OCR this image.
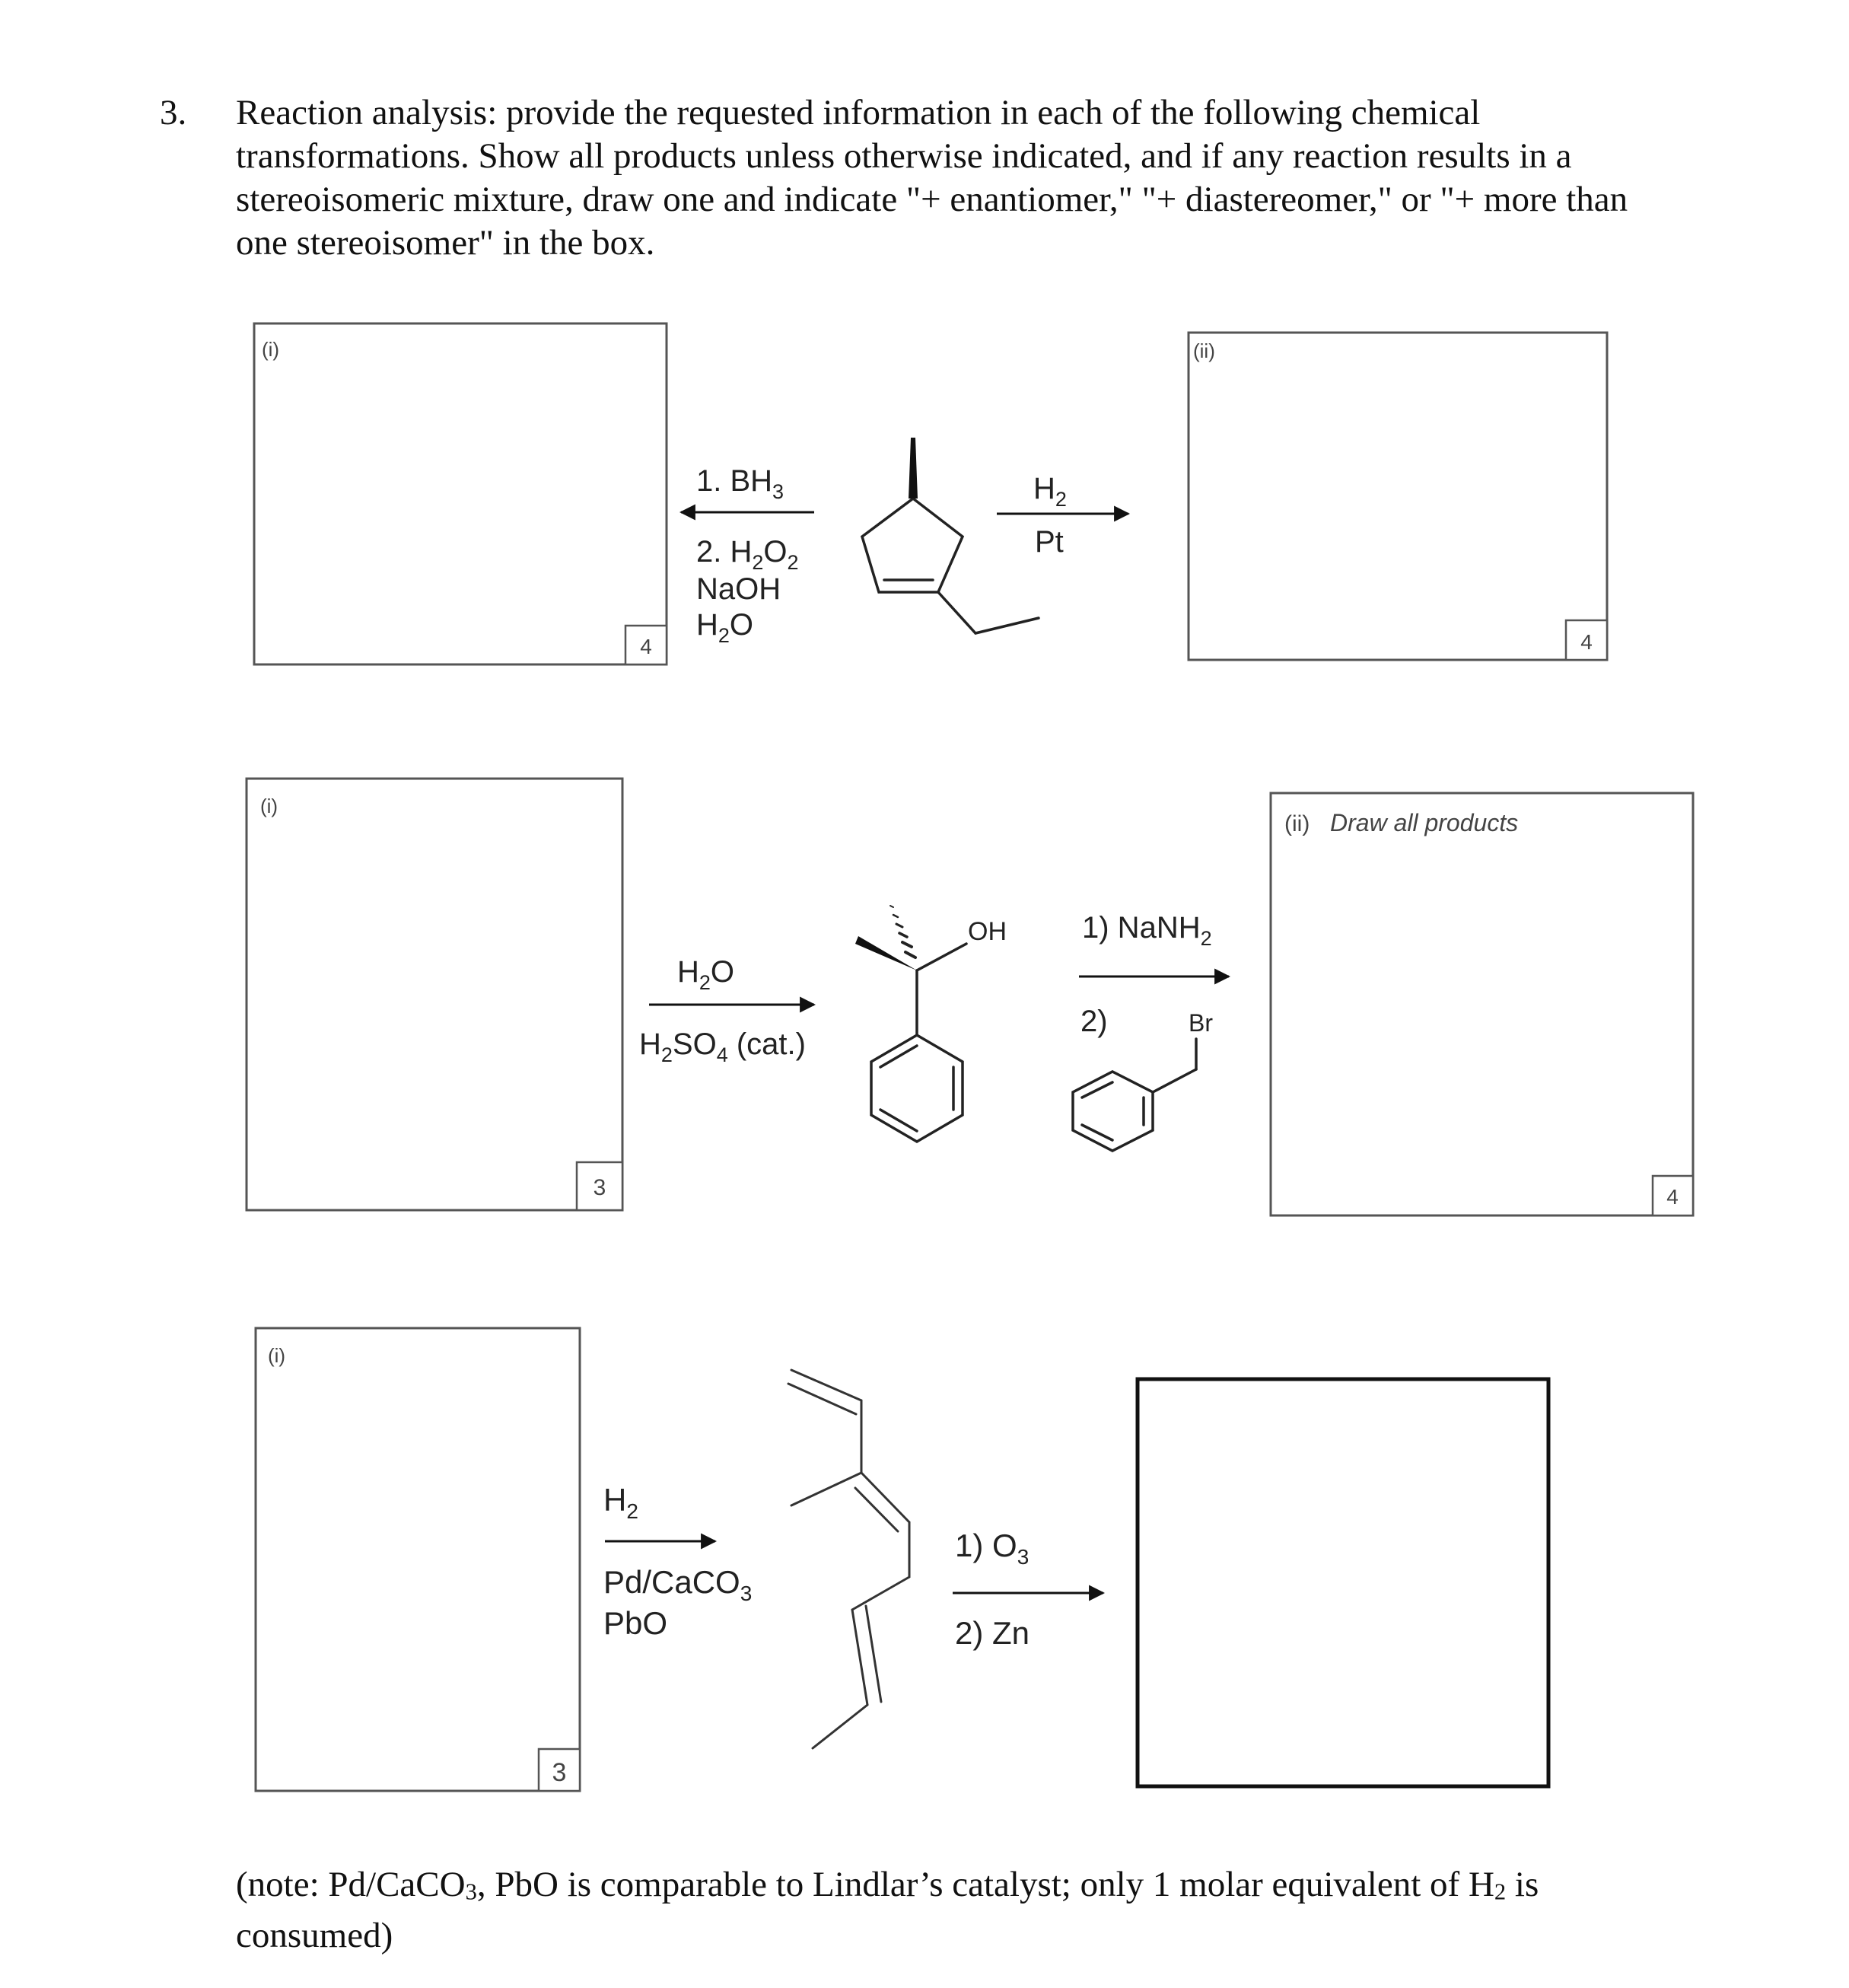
3. Reaction analysis: provide the requested information in each of the following chemical transformations. Show all products unless otherwise indicated, and if any reaction results in a stereoisomeric mixture, draw one and indicate "+ enantiomer," "+ diastereomer," or "+ more than one stereoisomer" in the box.
(i)
4
(ii)
4
1. $BH_3$
2. $H_2O_2$
NaOH
$H_2O$
$H_2$
Pt
(i)
3
(ii) Draw all products
4
$H_2O$
$H_2SO_4$ (cat.)
OH 1) NaNH$_2$
2)	Br
(i)
3
$H_2$
Pd/CaCO$_3$
PbO
1) $O_3$
2) Zn
(note: Pd/CaCO$_3$, PbO is comparable to Lindlar’s catalyst; only 1 molar equivalent of $H_2$ is consumed)
